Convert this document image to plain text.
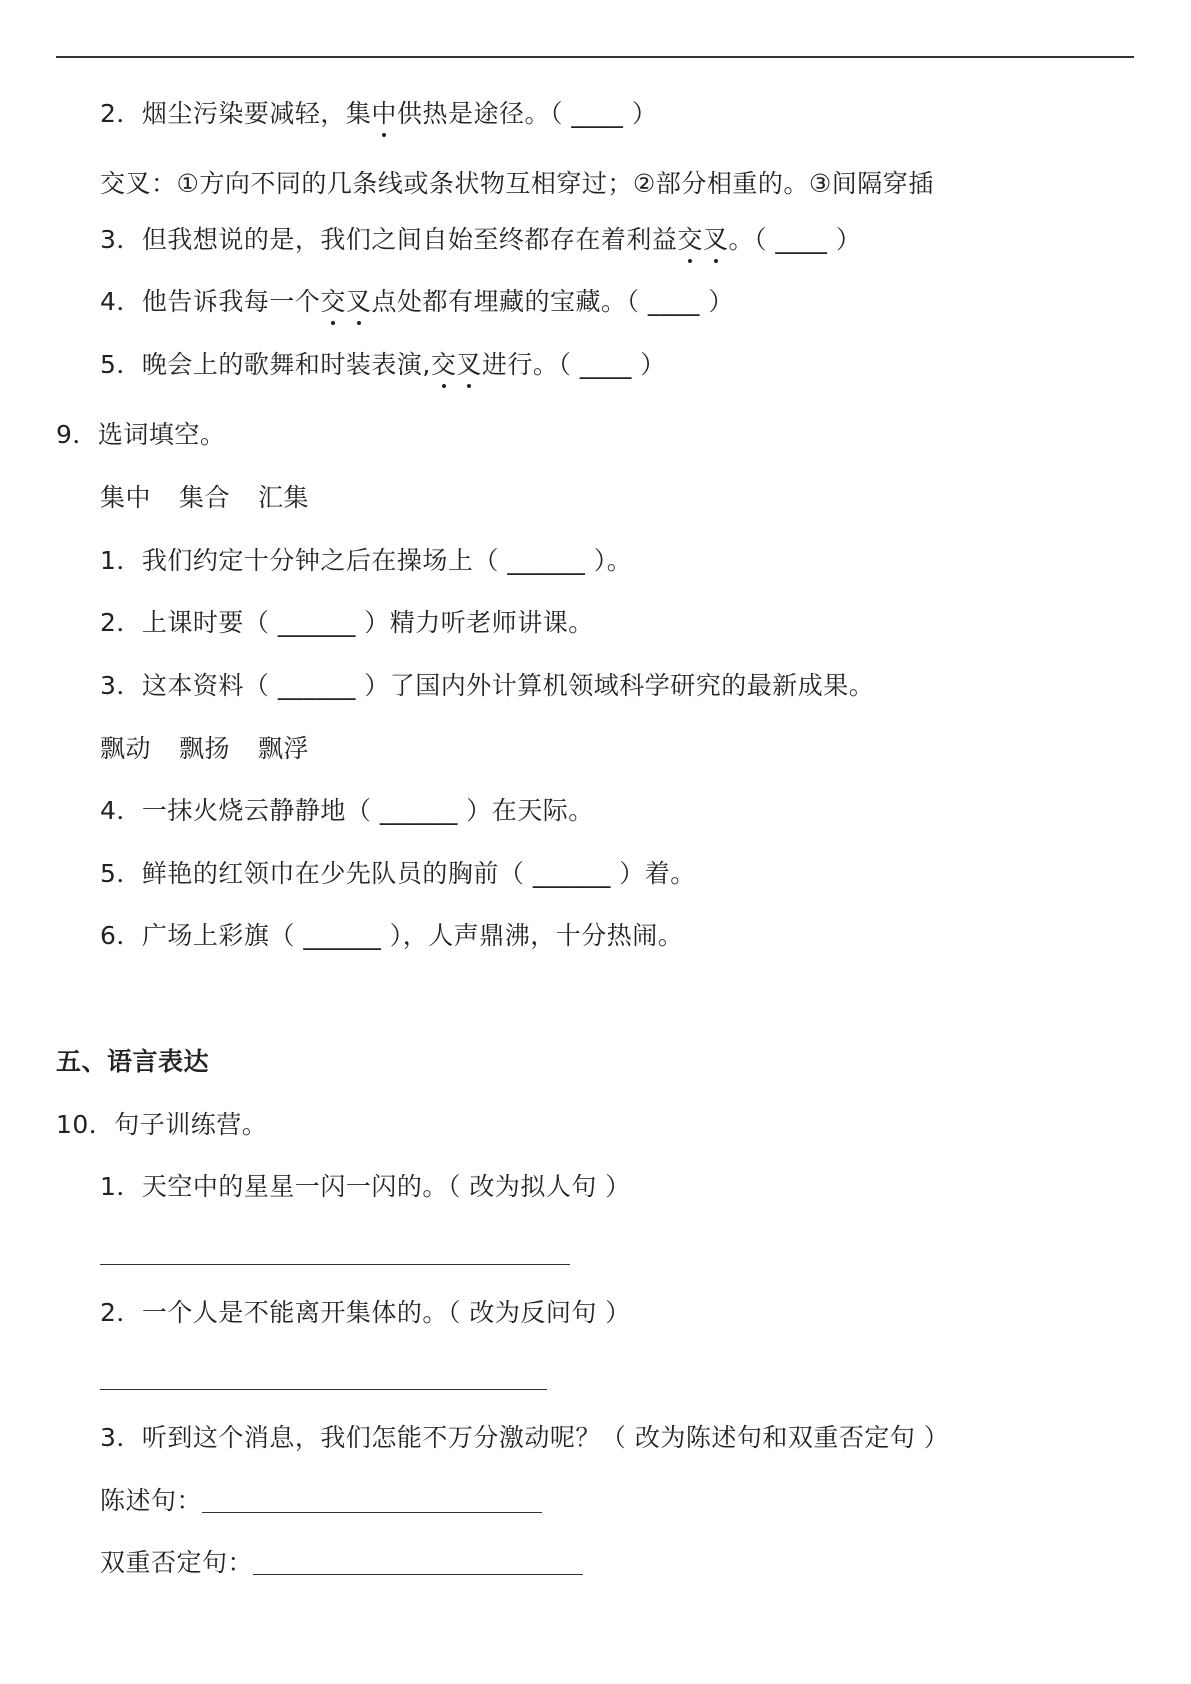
2．烟尘污染要减轻，集中供热是途径。（ ____ ）
交叉：①方向不同的几条线或条状物互相穿过；②部分相重的。③间隔穿插
3．但我想说的是，我们之间自始至终都存在着利益交叉。（ ____ ）
4．他告诉我每一个交叉点处都有埋藏的宝藏。（ ____ ）
5．晚会上的歌舞和时装表演,交叉进行。（ ____ ）
9．选词填空。
集中 集合 汇集
1．我们约定十分钟之后在操场上（ ______ ）。
2．上课时要（ ______ ）精力听老师讲课。
3．这本资料（ ______ ）了国内外计算机领域科学研究的最新成果。
飘动 飘扬 飘浮
4．一抹火烧云静静地（ ______ ）在天际。
5．鲜艳的红领巾在少先队员的胸前（ ______ ）着。
6．广场上彩旗（ ______ ），人声鼎沸，十分热闹。
五、语言表达
10．句子训练营。
1．天空中的星星一闪一闪的。（ 改为拟人句 ）
2．一个人是不能离开集体的。（ 改为反问句 ）
3．听到这个消息，我们怎能不万分激动呢？（ 改为陈述句和双重否定句 ）
陈述句：
双重否定句：
